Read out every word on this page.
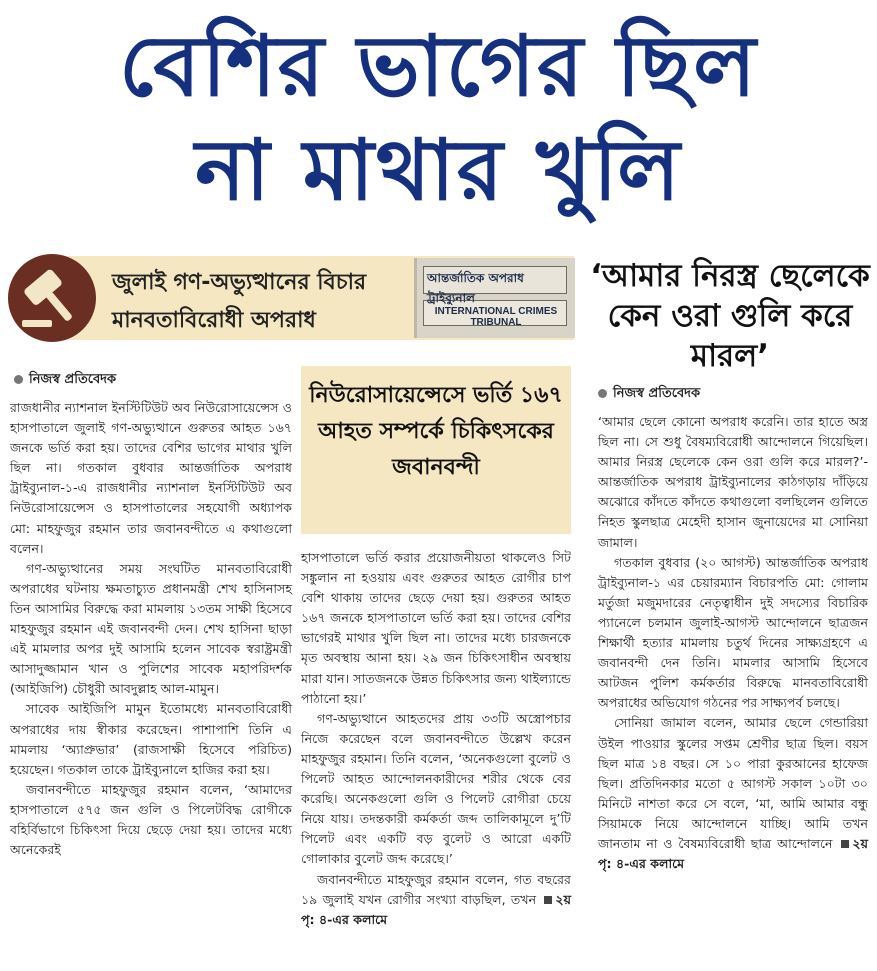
বেশির ভাগের ছিল
না মাথার খুলি
জুলাই গণ-অভ্যুত্থানের বিচার
মানবতাবিরোধী অপরাধ
আন্তর্জাতিক অপরাধ ট্রাইব্যুনাল
INTERNATIONAL CRIMES TRIBUNAL
‘আমার নিরস্ত্র ছেলেকে কেন ওরা গুলি করে মারল’
নিজস্ব প্রতিবেদক

রাজধানীর ন্যাশনাল ইনস্টিটিউট অব নিউরোসায়েন্সেস ও হাসপাতালে জুলাই গণ-অভ্যুত্থানে গুরুতর আহত ১৬৭ জনকে ভর্তি করা হয়। তাদের বেশির ভাগের মাথার খুলি ছিল না। গতকাল বুধবার আন্তর্জাতিক অপরাধ ট্রাইব্যুনাল-১-এ রাজধানীর ন্যাশনাল ইনস্টিটিউট অব নিউরোসায়েন্সেস ও হাসপাতালের সহযোগী অধ্যাপক মো: মাহফুজুর রহমান তার জবানবন্দীতে এ কথাগুলো বলেন।

গণ-অভ্যুত্থানের সময় সংঘটিত মানবতাবিরোধী অপরাধের ঘটনায় ক্ষমতাচ্যুত প্রধানমন্ত্রী শেখ হাসিনাসহ তিন আসামির বিরুদ্ধে করা মামলায় ১৩তম সাক্ষী হিসেবে মাহফুজুর রহমান এই জবানবন্দী দেন। শেখ হাসিনা ছাড়া এই মামলার অপর দুই আসামি হলেন সাবেক স্বরাষ্ট্রমন্ত্রী আসাদুজ্জামান খান ও পুলিশের সাবেক মহাপরিদর্শক (আইজিপি) চৌধুরী আবদুল্লাহ আল-মামুন।

সাবেক আইজিপি মামুন ইতোমধ্যে মানবতাবিরোধী অপরাধের দায় স্বীকার করেছেন। পাশাপাশি তিনি এ মামলায় ‘অ্যাপ্রুভার’ (রাজসাক্ষী হিসেবে পরিচিত) হয়েছেন। গতকাল তাকে ট্রাইব্যুনালে হাজির করা হয়।

জবানবন্দীতে মাহফুজুর রহমান বলেন, ‘আমাদের হাসপাতালে ৫৭৫ জন গুলি ও পিলেটবিদ্ধ রোগীকে বহির্বিভাগে চিকিৎসা দিয়ে ছেড়ে দেয়া হয়। তাদের মধ্যে অনেকেরই

নিউরোসায়েন্সেসে ভর্তি ১৬৭ আহত সম্পর্কে চিকিৎসকের জবানবন্দী

হাসপাতালে ভর্তি করার প্রয়োজনীয়তা থাকলেও সিট সঙ্কুলান না হওয়ায় এবং গুরুতর আহত রোগীর চাপ বেশি থাকায় তাদের ছেড়ে দেয়া হয়। গুরুতর আহত ১৬৭ জনকে হাসপাতালে ভর্তি করা হয়। তাদের বেশির ভাগেরই মাথার খুলি ছিল না। তাদের মধ্যে চারজনকে মৃত অবস্থায় আনা হয়। ২৯ জন চিকিৎসাধীন অবস্থায় মারা যান। সাতজনকে উন্নত চিকিৎসার জন্য থাইল্যান্ডে পাঠানো হয়।’

গণ-অভ্যুত্থানে আহতদের প্রায় ৩৩টি অস্ত্রোপচার নিজে করেছেন বলে জবানবন্দীতে উল্লেখ করেন মাহফুজুর রহমান। তিনি বলেন, ‘অনেকগুলো বুলেট ও পিলেট আহত আন্দোলনকারীদের শরীর থেকে বের করেছি। অনেকগুলো গুলি ও পিলেট রোগীরা চেয়ে নিয়ে যায়। তদন্তকারী কর্মকর্তা জব্দ তালিকামূলে দু’টি পিলেট এবং একটি বড় বুলেট ও আরো একটি গোলাকার বুলেট জব্দ করেছে।’

জবানবন্দীতে মাহফুজুর রহমান বলেন, গত বছরের ১৯ জুলাই যখন রোগীর সংখ্যা বাড়ছিল, তখন ২য় পৃ: ৪-এর কলামে

নিজস্ব প্রতিবেদক

‘আমার ছেলে কোনো অপরাধ করেনি। তার হাতে অস্ত্র ছিল না। সে শুধু বৈষম্যবিরোধী আন্দোলনে গিয়েছিল। আমার নিরস্ত্র ছেলেকে কেন ওরা গুলি করে মারল?’-আন্তর্জাতিক অপরাধ ট্রাইব্যুনালের কাঠগড়ায় দাঁড়িয়ে অঝোরে কাঁদতে কাঁদতে কথাগুলো বলছিলেন গুলিতে নিহত স্কুলছাত্র মেহেদী হাসান জুনায়েদের মা সোনিয়া জামাল।

গতকাল বুধবার (২০ আগস্ট) আন্তর্জাতিক অপরাধ ট্রাইব্যুনাল-১ এর চেয়ারম্যান বিচারপতি মো: গোলাম মর্তুজা মজুমদারের নেতৃত্বাধীন দুই সদস্যের বিচারিক প্যানেলে চলমান জুলাই-আগস্ট আন্দোলনে ছাত্রজন শিক্ষার্থী হত্যার মামলায় চতুর্থ দিনের সাক্ষ্যগ্রহণে এ জবানবন্দী দেন তিনি। মামলার আসামি হিসেবে আটজন পুলিশ কর্মকর্তার বিরুদ্ধে মানবতাবিরোধী অপরাধের অভিযোগ গঠনের পর সাক্ষ্যপর্ব চলছে।

সোনিয়া জামাল বলেন, আমার ছেলে গেন্ডারিয়া উইল পাওয়ার স্কুলের সপ্তম শ্রেণীর ছাত্র ছিল। বয়স ছিল মাত্র ১৪ বছর। সে ১০ পারা কুরআনের হাফেজ ছিল। প্রতিদিনকার মতো ৫ আগস্ট সকাল ১০টা ৩০ মিনিটে নাশতা করে সে বলে, ‘মা, আমি আমার বন্ধু সিয়ামকে নিয়ে আন্দোলনে যাচ্ছি। আমি তখন জানতাম না ও বৈষম্যবিরোধী ছাত্র আন্দোলনে ২য় পৃ: ৪-এর কলামে
